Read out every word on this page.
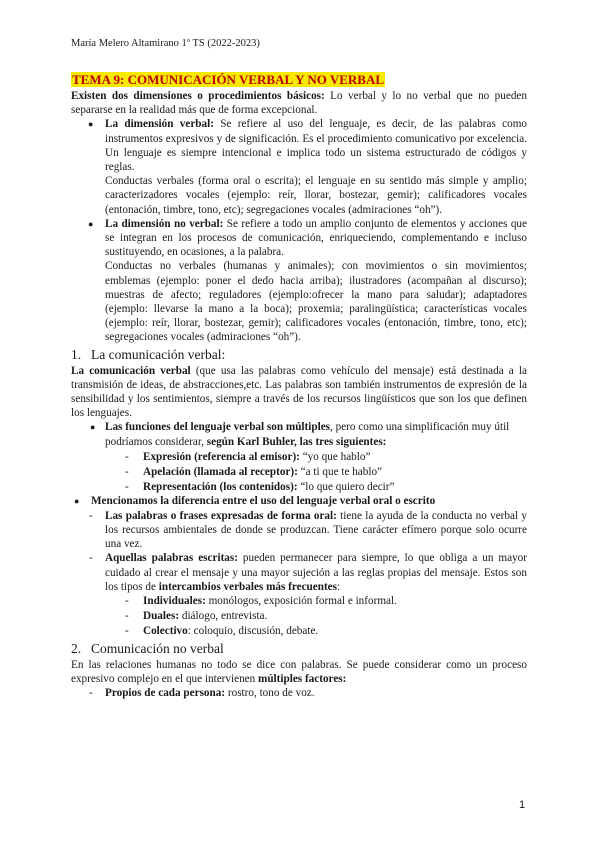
María Melero Altamirano 1º TS (2022-2023)
TEMA 9: COMUNICACIÓN VERBAL Y NO VERBAL

Existen dos dimensiones o procedimientos básicos: Lo verbal y lo no verbal que no pueden separarse en la realidad más que de forma excepcional.

● La dimensión verbal: Se refiere al uso del lenguaje, es decir, de las palabras como instrumentos expresivos y de significación. Es el procedimiento comunicativo por excelencia. Un lenguaje es siempre intencional e implica todo un sistema estructurado de códigos y reglas.

Conductas verbales (forma oral o escrita); el lenguaje en su sentido más simple y amplio; caracterizadores vocales (ejemplo: reír, llorar, bostezar, gemir); calificadores vocales (entonación, timbre, tono, etc); segregaciones vocales (admiraciones “oh”).

● La dimensión no verbal: Se refiere a todo un amplio conjunto de elementos y acciones que se integran en los procesos de comunicación, enriqueciendo, complementando e incluso sustituyendo, en ocasiones, a la palabra.

Conductas no verbales (humanas y animales); con movimientos o sin movimientos; emblemas (ejemplo: poner el dedo hacia arriba); ilustradores (acompañan al discurso); muestras de afecto; reguladores (ejemplo:ofrecer la mano para saludar); adaptadores (ejemplo: llevarse la mano a la boca); proxemia; paralingüística; características vocales (ejemplo: reír, llorar, bostezar, gemir); calificadores vocales (entonación, timbre, tono, etc); segregaciones vocales (admiraciones “oh”).

1. La comunicación verbal:

La comunicación verbal (que usa las palabras como vehículo del mensaje) está destinada a la transmisión de ideas, de abstracciones,etc. Las palabras son también instrumentos de expresión de la sensibilidad y los sentimientos, siempre a través de los recursos lingüísticos que son los que definen los lenguajes.

● Las funciones del lenguaje verbal son múltiples, pero como una simplificación muy útil podríamos considerar, según Karl Buhler, las tres siguientes:

- Expresión (referencia al emisor): “yo que hablo”
- Apelación (llamada al receptor): “a ti que te hablo”
- Representación (los contenidos): “lo que quiero decir”
● Mencionamos la diferencia entre el uso del lenguaje verbal oral o escrito
- Las palabras o frases expresadas de forma oral: tiene la ayuda de la conducta no verbal y los recursos ambientales de donde se produzcan. Tiene carácter efímero porque solo ocurre una vez.

- Aquellas palabras escritas: pueden permanecer para siempre, lo que obliga a un mayor cuidado al crear el mensaje y una mayor sujeción a las reglas propias del mensaje. Estos son los tipos de intercambios verbales más frecuentes:

- Individuales: monólogos, exposición formal e informal.
- Duales: diálogo, entrevista.
- Colectivo: coloquio, discusión, debate.
2. Comunicación no verbal

En las relaciones humanas no todo se dice con palabras. Se puede considerar como un proceso expresivo complejo en el que intervienen múltiples factores:

- Propios de cada persona: rostro, tono de voz.
1
